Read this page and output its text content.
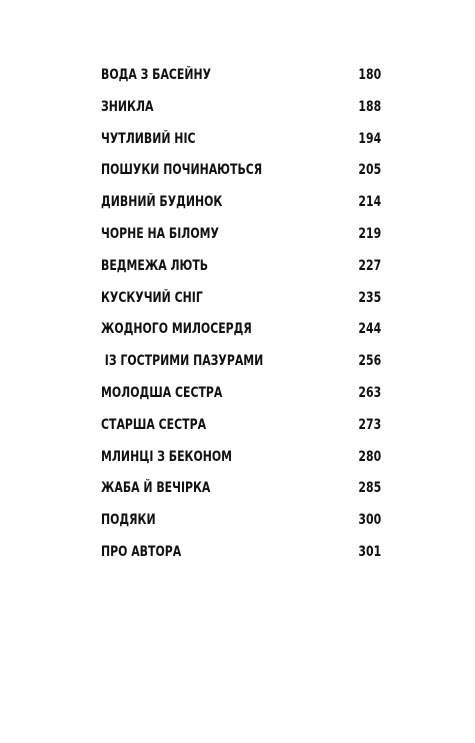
ВОДА З БАСЕЙНУ	180
ЗНИКЛА	188
ЧУТЛИВИЙ НІС	194
ПОШУКИ ПОЧИНАЮТЬСЯ	205
ДИВНИЙ БУДИНОК	214
ЧОРНЕ НА БІЛОМУ	219
ВЕДМЕЖА ЛЮТЬ	227
КУСКУЧИЙ СНІГ	235
ЖОДНОГО МИЛОСЕРДЯ	244
ІЗ ГОСТРИМИ ПАЗУРАМИ	256
МОЛОДША СЕСТРА	263
СТАРША СЕСТРА	273
МЛИНЦІ З БЕКОНОМ	280
ЖАБА Й ВЕЧІРКА	285
ПОДЯКИ	300
ПРО АВТОРА	301
